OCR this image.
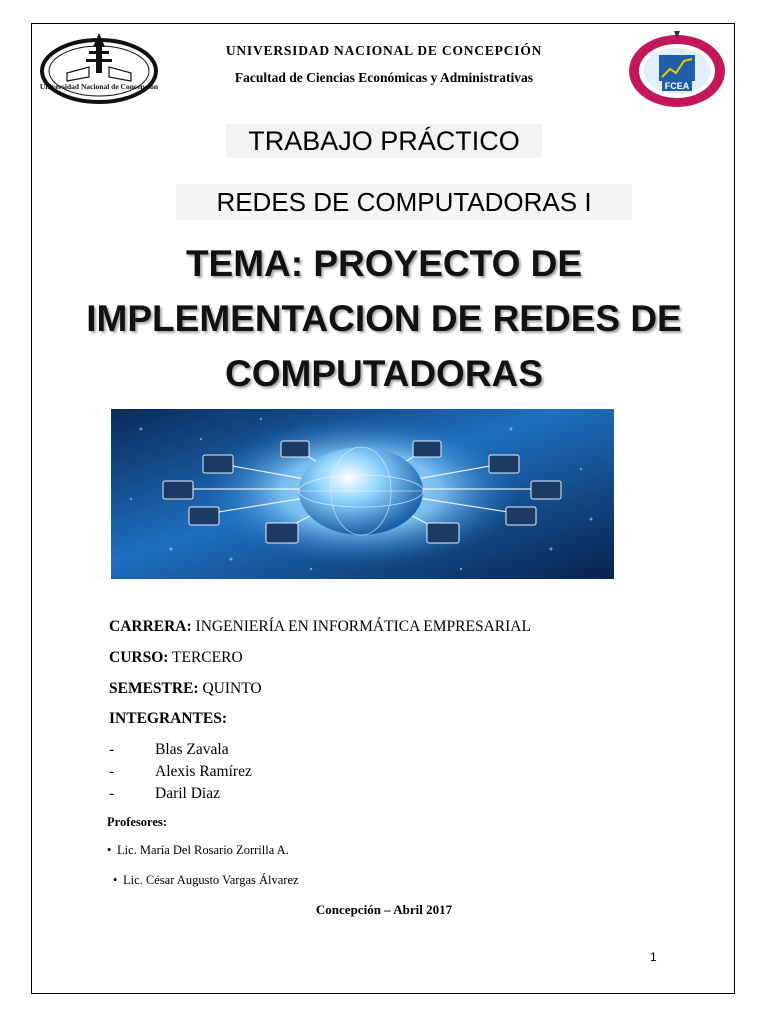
Universidad Nacional de Concepción	FCEA
UNIVERSIDAD NACIONAL DE CONCEPCIÓN
Facultad de Ciencias Económicas y Administrativas
TRABAJO PRÁCTICO
REDES DE COMPUTADORAS I
TEMA: PROYECTO DE
IMPLEMENTACION DE REDES DE
COMPUTADORAS
CARRERA: INGENIERÍA EN INFORMÁTICA EMPRESARIAL
CURSO: TERCERO
SEMESTRE: QUINTO
INTEGRANTES:
-	Blas Zavala
-	Alexis Ramírez
-	Daril Diaz
Profesores:
• Lic. María Del Rosario Zorrilla A.
• Lic. César Augusto Vargas Álvarez
Concepción – Abril 2017
1
